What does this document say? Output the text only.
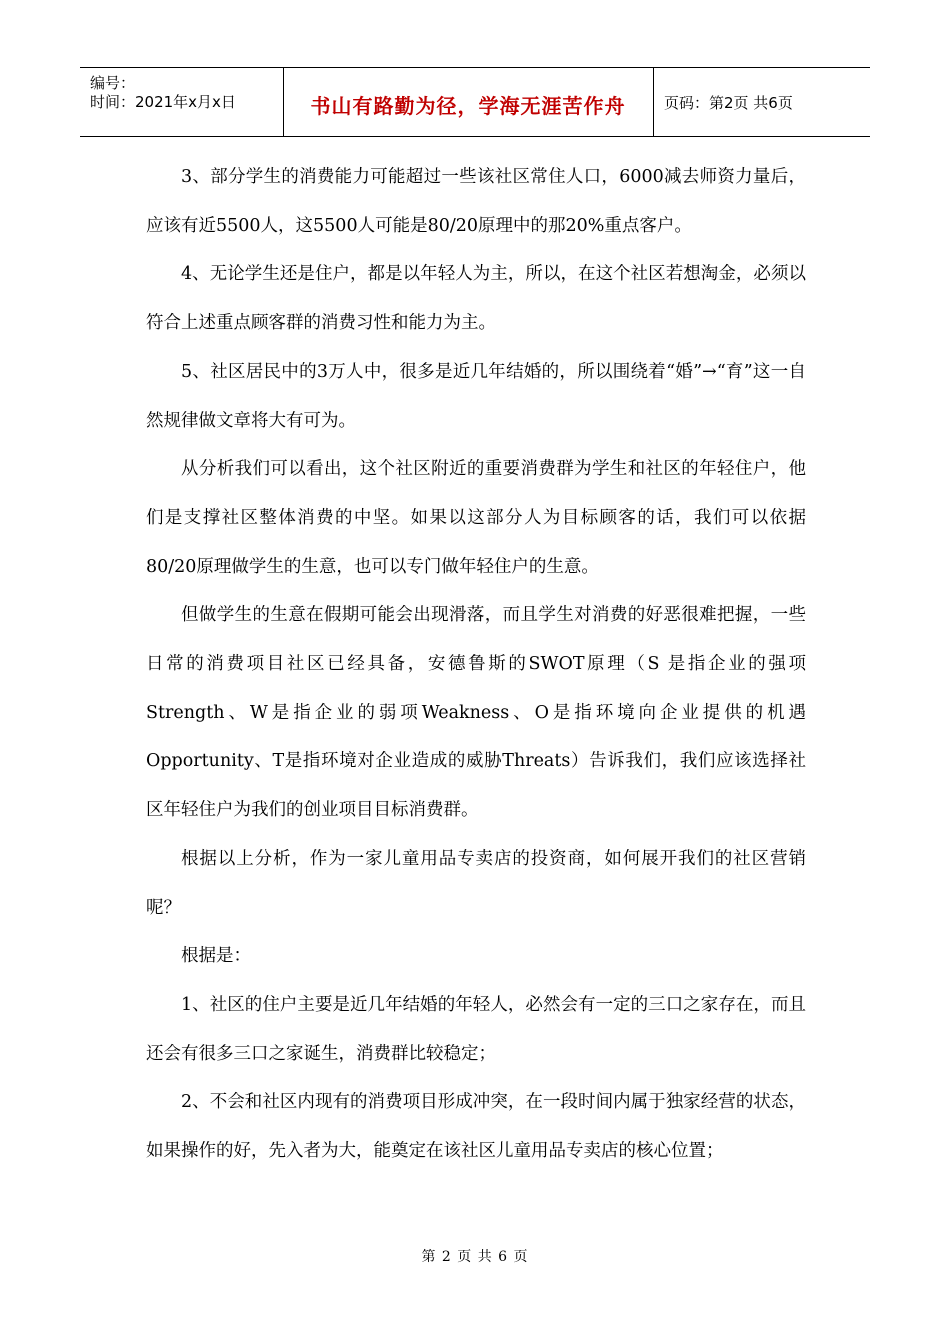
编号：
时间：2021年x月x日	书山有路勤为径，学海无涯苦作舟	页码：第2页 共6页

3、部分学生的消费能力可能超过一些该社区常住人口，6000减去师资力量后，应该有近5500人，这5500人可能是80/20原理中的那20%重点客户。

4、无论学生还是住户，都是以年轻人为主，所以，在这个社区若想淘金，必须以符合上述重点顾客群的消费习性和能力为主。

5、社区居民中的3万人中，很多是近几年结婚的，所以围绕着“婚”→“育”这一自然规律做文章将大有可为。

从分析我们可以看出，这个社区附近的重要消费群为学生和社区的年轻住户，他们是支撑社区整体消费的中坚。如果以这部分人为目标顾客的话，我们可以依据80/20原理做学生的生意，也可以专门做年轻住户的生意。

但做学生的生意在假期可能会出现滑落，而且学生对消费的好恶很难把握，一些日常的消费项目社区已经具备，安德鲁斯的SWOT原理（S 是指企业的强项Strength、W是指企业的弱项Weakness、O是指环境向企业提供的机遇Opportunity、T是指环境对企业造成的威胁Threats）告诉我们，我们应该选择社区年轻住户为我们的创业项目目标消费群。

根据以上分析，作为一家儿童用品专卖店的投资商，如何展开我们的社区营销呢？

根据是：

1、社区的住户主要是近几年结婚的年轻人，必然会有一定的三口之家存在，而且还会有很多三口之家诞生，消费群比较稳定；

2、不会和社区内现有的消费项目形成冲突，在一段时间内属于独家经营的状态，如果操作的好，先入者为大，能奠定在该社区儿童用品专卖店的核心位置；

第 2 页 共 6 页
